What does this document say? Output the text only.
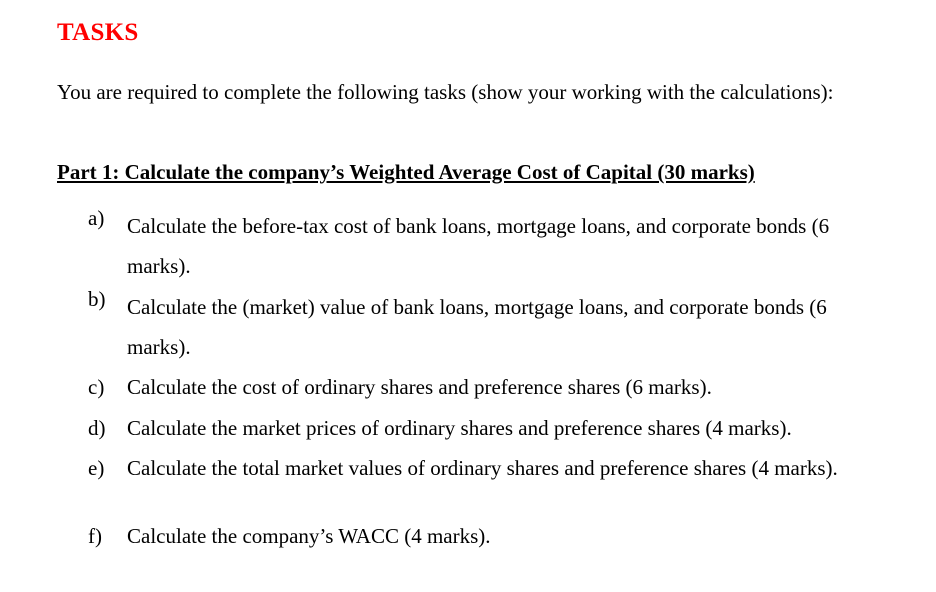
TASKS
You are required to complete the following tasks (show your working with the calculations):
Part 1: Calculate the company’s Weighted Average Cost of Capital (30 marks)
a)	Calculate the before-tax cost of bank loans, mortgage loans, and corporate bonds (6 marks).
b)	Calculate the (market) value of bank loans, mortgage loans, and corporate bonds (6 marks).
c)	Calculate the cost of ordinary shares and preference shares (6 marks).
d)	Calculate the market prices of ordinary shares and preference shares (4 marks).
e)	Calculate the total market values of ordinary shares and preference shares (4 marks).
f)	Calculate the company’s WACC (4 marks).
